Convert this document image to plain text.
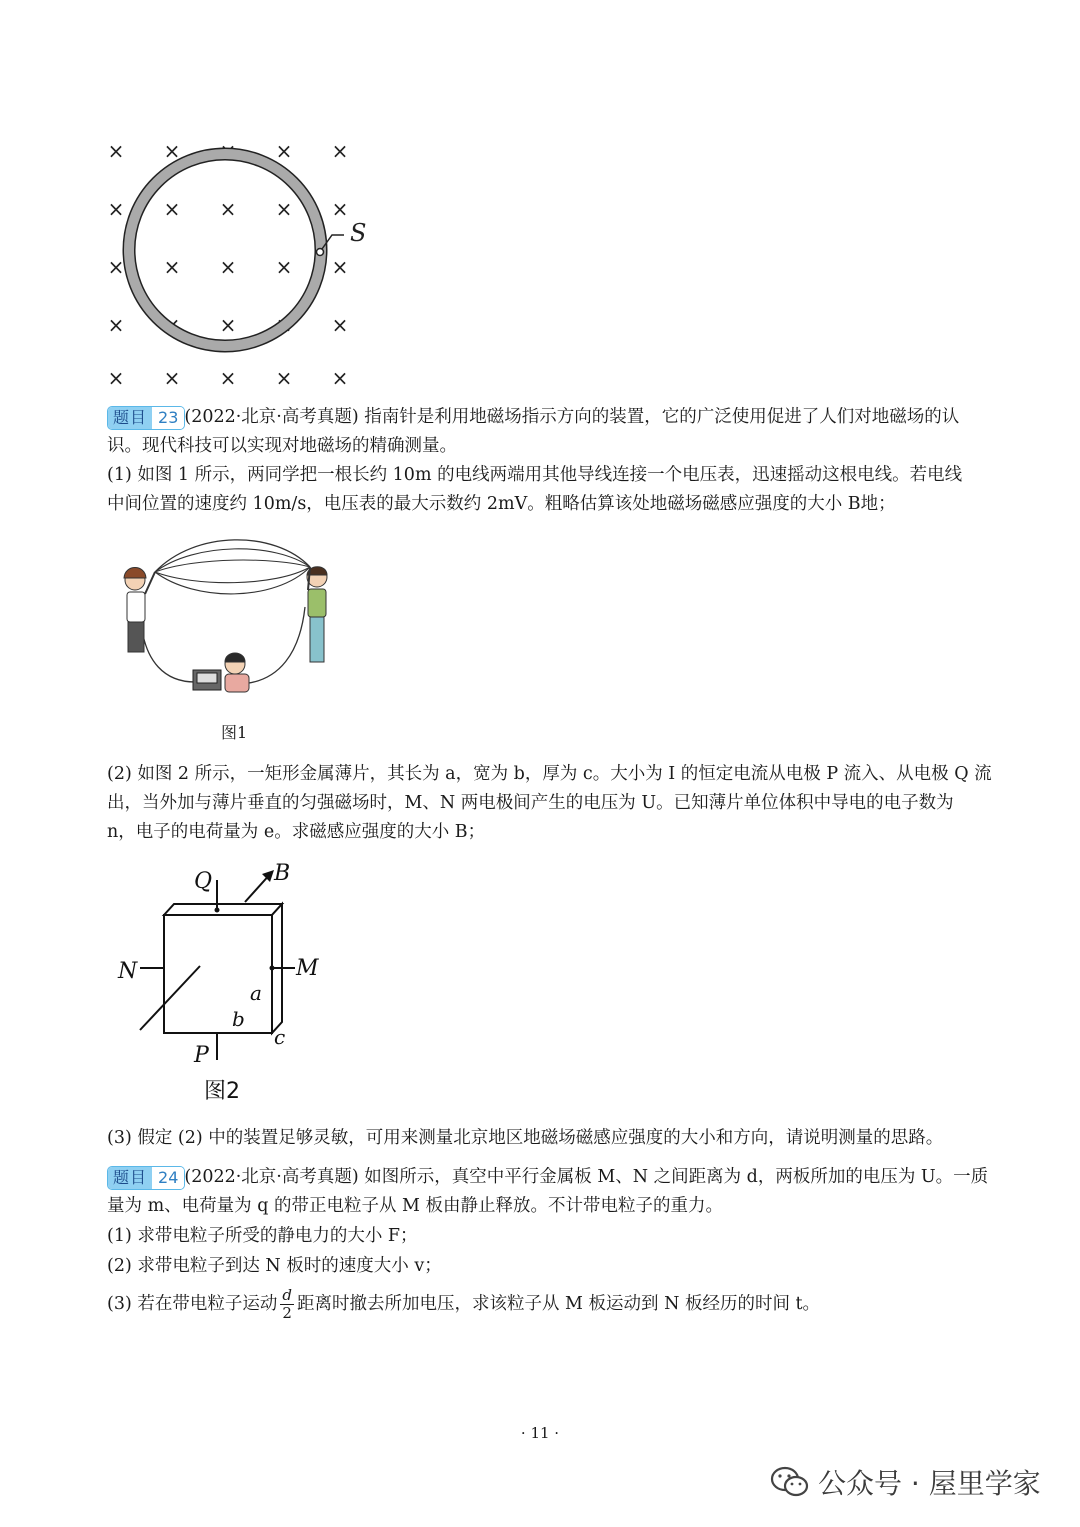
× × × × ×
× × × × ×
× × × × ×
× × × × ×
× × × × ×
S
题目 23 (2022·北京·高考真题) 指南针是利用地磁场指示方向的装置，它的广泛使用促进了人们对地磁场的认
识。现代科技可以实现对地磁场的精确测量。
(1) 如图 1 所示，两同学把一根长约 10m 的电线两端用其他导线连接一个电压表，迅速摇动这根电线。若电线
中间位置的速度约 10m/s，电压表的最大示数约 2mV。粗略估算该处地磁场磁感应强度的大小 B地；
图1
(2) 如图 2 所示，一矩形金属薄片，其长为 a，宽为 b，厚为 c。大小为 I 的恒定电流从电极 P 流入、从电极 Q 流
出，当外加与薄片垂直的匀强磁场时，M、N 两电极间产生的电压为 U。已知薄片单位体积中导电的电子数为
n，电子的电荷量为 e。求磁感应强度的大小 B；
Q	B
N	M
a
b
c
P
图2
(3) 假定 (2) 中的装置足够灵敏，可用来测量北京地区地磁场磁感应强度的大小和方向，请说明测量的思路。
题目 24 (2022·北京·高考真题) 如图所示，真空中平行金属板 M、N 之间距离为 d，两板所加的电压为 U。一质
量为 m、电荷量为 q 的带正电粒子从 M 板由静止释放。不计带电粒子的重力。
(1) 求带电粒子所受的静电力的大小 F；
(2) 求带电粒子到达 N 板时的速度大小 v；
(3) 若在带电粒子运动 $\frac{d}{2}$ 距离时撤去所加电压，求该粒子从 M 板运动到 N 板经历的时间 t。
· 11 ·
公众号 · 屋里学家
